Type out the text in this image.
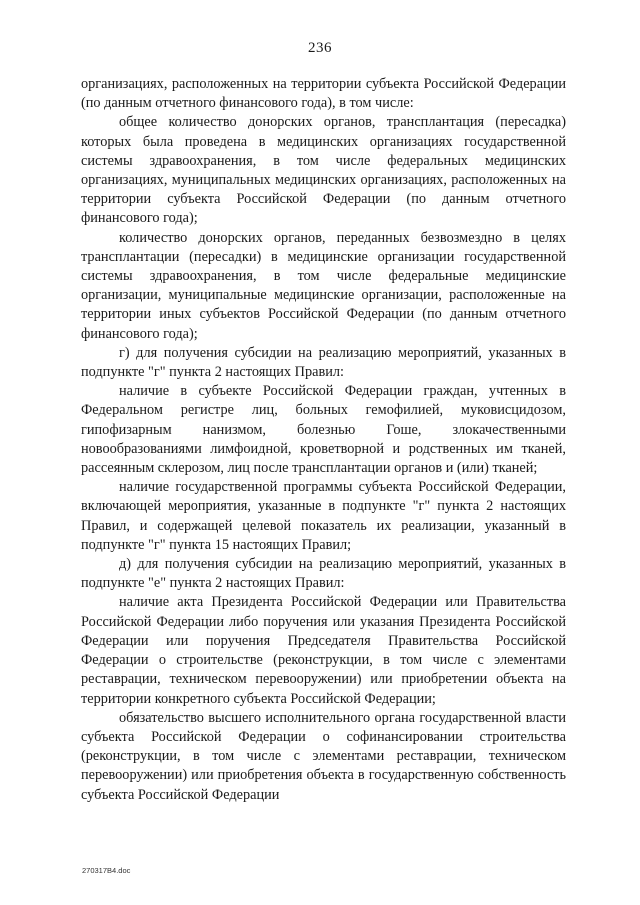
236

организациях, расположенных на территории субъекта Российской Федерации (по данным отчетного финансового года), в том числе:

общее количество донорских органов, трансплантация (пересадка) которых была проведена в медицинских организациях государственной системы здравоохранения, в том числе федеральных медицинских организациях, муниципальных медицинских организациях, расположенных на территории субъекта Российской Федерации (по данным отчетного финансового года);

количество донорских органов, переданных безвозмездно в целях трансплантации (пересадки) в медицинские организации государственной системы здравоохранения, в том числе федеральные медицинские организации, муниципальные медицинские организации, расположенные на территории иных субъектов Российской Федерации (по данным отчетного финансового года);

г) для получения субсидии на реализацию мероприятий, указанных в подпункте "г" пункта 2 настоящих Правил:

наличие в субъекте Российской Федерации граждан, учтенных в Федеральном регистре лиц, больных гемофилией, муковисцидозом, гипофизарным нанизмом, болезнью Гоше, злокачественными новообразованиями лимфоидной, кроветворной и родственных им тканей, рассеянным склерозом, лиц после трансплантации органов и (или) тканей;

наличие государственной программы субъекта Российской Федерации, включающей мероприятия, указанные в подпункте "г" пункта 2 настоящих Правил, и содержащей целевой показатель их реализации, указанный в подпункте "г" пункта 15 настоящих Правил;

д) для получения субсидии на реализацию мероприятий, указанных в подпункте "е" пункта 2 настоящих Правил:

наличие акта Президента Российской Федерации или Правительства Российской Федерации либо поручения или указания Президента Российской Федерации или поручения Председателя Правительства Российской Федерации о строительстве (реконструкции, в том числе с элементами реставрации, техническом перевооружении) или приобретении объекта на территории конкретного субъекта Российской Федерации;

обязательство высшего исполнительного органа государственной власти субъекта Российской Федерации о софинансировании строительства (реконструкции, в том числе с элементами реставрации, техническом перевооружении) или приобретения объекта в государственную собственность субъекта Российской Федерации

270317В4.doc
